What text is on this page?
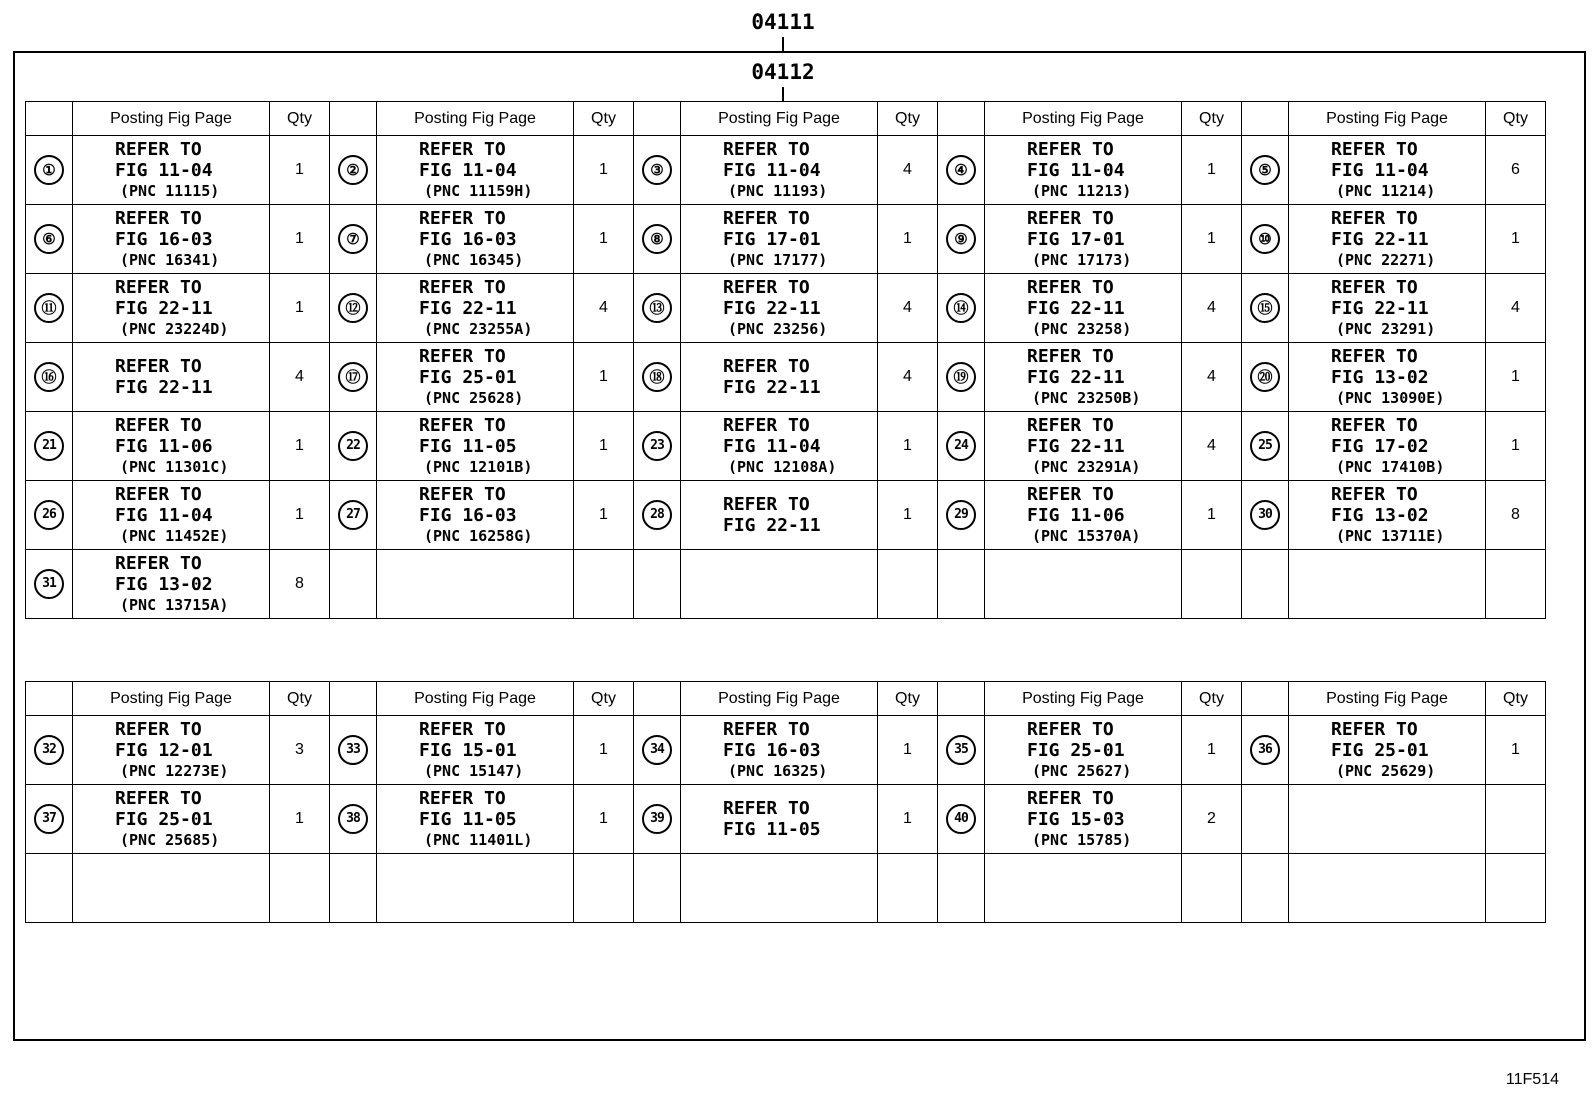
04111
04112
	Posting Fig Page	Qty		Posting Fig Page	Qty		Posting Fig Page	Qty		Posting Fig Page	Qty		Posting Fig Page	Qty
①	REFER TO
FIG 11-04
(PNC 11115)	1	②	REFER TO
FIG 11-04
(PNC 11159H)	1	③	REFER TO
FIG 11-04
(PNC 11193)	4	④	REFER TO
FIG 11-04
(PNC 11213)	1	⑤	REFER TO
FIG 11-04
(PNC 11214)	6
⑥	REFER TO
FIG 16-03
(PNC 16341)	1	⑦	REFER TO
FIG 16-03
(PNC 16345)	1	⑧	REFER TO
FIG 17-01
(PNC 17177)	1	⑨	REFER TO
FIG 17-01
(PNC 17173)	1	⑩	REFER TO
FIG 22-11
(PNC 22271)	1
⑪	REFER TO
FIG 22-11
(PNC 23224D)	1	⑫	REFER TO
FIG 22-11
(PNC 23255A)	4	⑬	REFER TO
FIG 22-11
(PNC 23256)	4	⑭	REFER TO
FIG 22-11
(PNC 23258)	4	⑮	REFER TO
FIG 22-11
(PNC 23291)	4
⑯	REFER TO
FIG 22-11	4	⑰	REFER TO
FIG 25-01
(PNC 25628)	1	⑱	REFER TO
FIG 22-11	4	⑲	REFER TO
FIG 22-11
(PNC 23250B)	4	⑳	REFER TO
FIG 13-02
(PNC 13090E)	1
21	REFER TO
FIG 11-06
(PNC 11301C)	1	22	REFER TO
FIG 11-05
(PNC 12101B)	1	23	REFER TO
FIG 11-04
(PNC 12108A)	1	24	REFER TO
FIG 22-11
(PNC 23291A)	4	25	REFER TO
FIG 17-02
(PNC 17410B)	1
26	REFER TO
FIG 11-04
(PNC 11452E)	1	27	REFER TO
FIG 16-03
(PNC 16258G)	1	28	REFER TO
FIG 22-11	1	29	REFER TO
FIG 11-06
(PNC 15370A)	1	30	REFER TO
FIG 13-02
(PNC 13711E)	8
31	REFER TO
FIG 13-02
(PNC 13715A)	8												
	Posting Fig Page	Qty		Posting Fig Page	Qty		Posting Fig Page	Qty		Posting Fig Page	Qty		Posting Fig Page	Qty
32	REFER TO
FIG 12-01
(PNC 12273E)	3	33	REFER TO
FIG 15-01
(PNC 15147)	1	34	REFER TO
FIG 16-03
(PNC 16325)	1	35	REFER TO
FIG 25-01
(PNC 25627)	1	36	REFER TO
FIG 25-01
(PNC 25629)	1
37	REFER TO
FIG 25-01
(PNC 25685)	1	38	REFER TO
FIG 11-05
(PNC 11401L)	1	39	REFER TO
FIG 11-05	1	40	REFER TO
FIG 15-03
(PNC 15785)	2			

11F514
